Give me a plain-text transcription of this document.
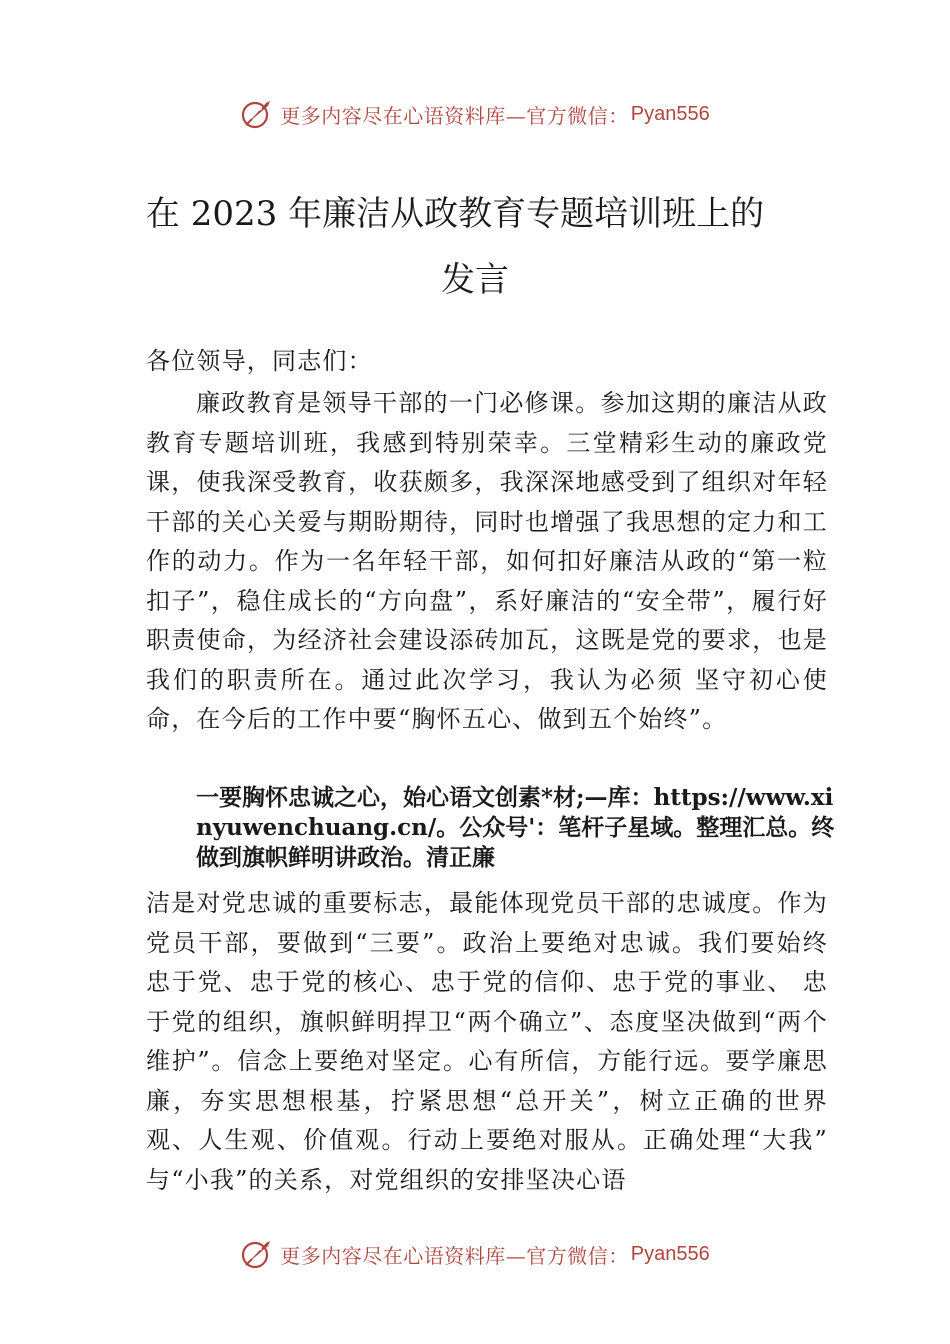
更多内容尽在心语资料库—官方微信： Pyan556
在 2023 年廉洁从政教育专题培训班上的
发言

各位领导，同志们：

廉政教育是领导干部的一门必修课。参加这期的廉洁从政教育专题培训班，我感到特别荣幸。三堂精彩生动的廉政党课，使我深受教育，收获颇多，我深深地感受到了组织对年轻干部的关心关爱与期盼期待，同时也增强了我思想的定力和工作的动力。作为一名年轻干部，如何扣好廉洁从政的“第一粒扣子”，稳住成长的“方向盘”，系好廉洁的“安全带”，履行好职责使命，为经济社会建设添砖加瓦，这既是党的要求，也是我们的职责所在。通过此次学习，我认为必须 坚守初心使命，在今后的工作中要“胸怀五心、做到五个始终”。

一要胸怀忠诚之心，始心语文创素*材;—库：https://www.xinyuwenchuang.cn/。公众号'：笔杆子星域。整理汇总。终做到旗帜鲜明讲政治。清正廉

洁是对党忠诚的重要标志，最能体现党员干部的忠诚度。作为党员干部，要做到“三要”。政治上要绝对忠诚。我们要始终忠于党、忠于党的核心、忠于党的信仰、忠于党的事业、 忠于党的组织，旗帜鲜明捍卫“两个确立”、态度坚决做到“两个维护”。信念上要绝对坚定。心有所信，方能行远。要学廉思廉，夯实思想根基，拧紧思想“总开关”，树立正确的世界观、人生观、价值观。行动上要绝对服从。正确处理“大我” 与“小我”的关系，对党组织的安排坚决心语

更多内容尽在心语资料库—官方微信： Pyan556
